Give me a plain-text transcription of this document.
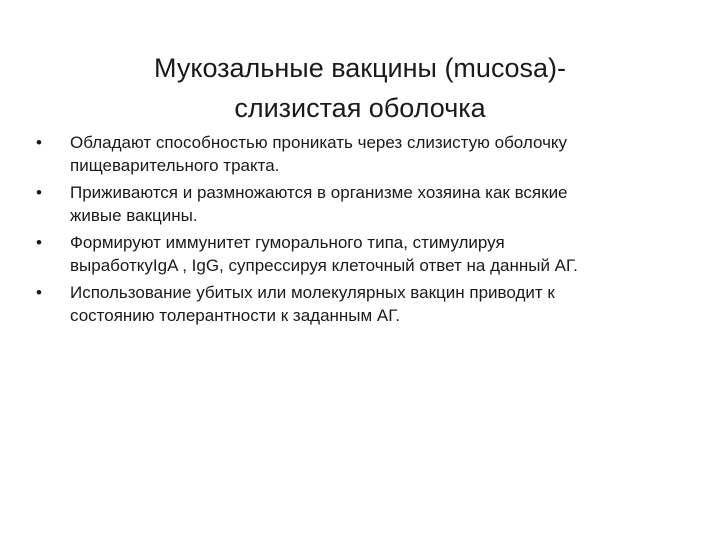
Мукозальные вакцины (mucosa)-
слизистая оболочка
• Обладают способностью проникать через слизистую оболочку
пищеварительного тракта.
• Приживаются и размножаются в организме хозяина как всякие
живые вакцины.
• Формируют иммунитет гуморального типа, стимулируя
выработкуIgA , IgG, супрессируя клеточный ответ на данный АГ.
• Использование убитых или молекулярных вакцин приводит к
состоянию толерантности к заданным АГ.
